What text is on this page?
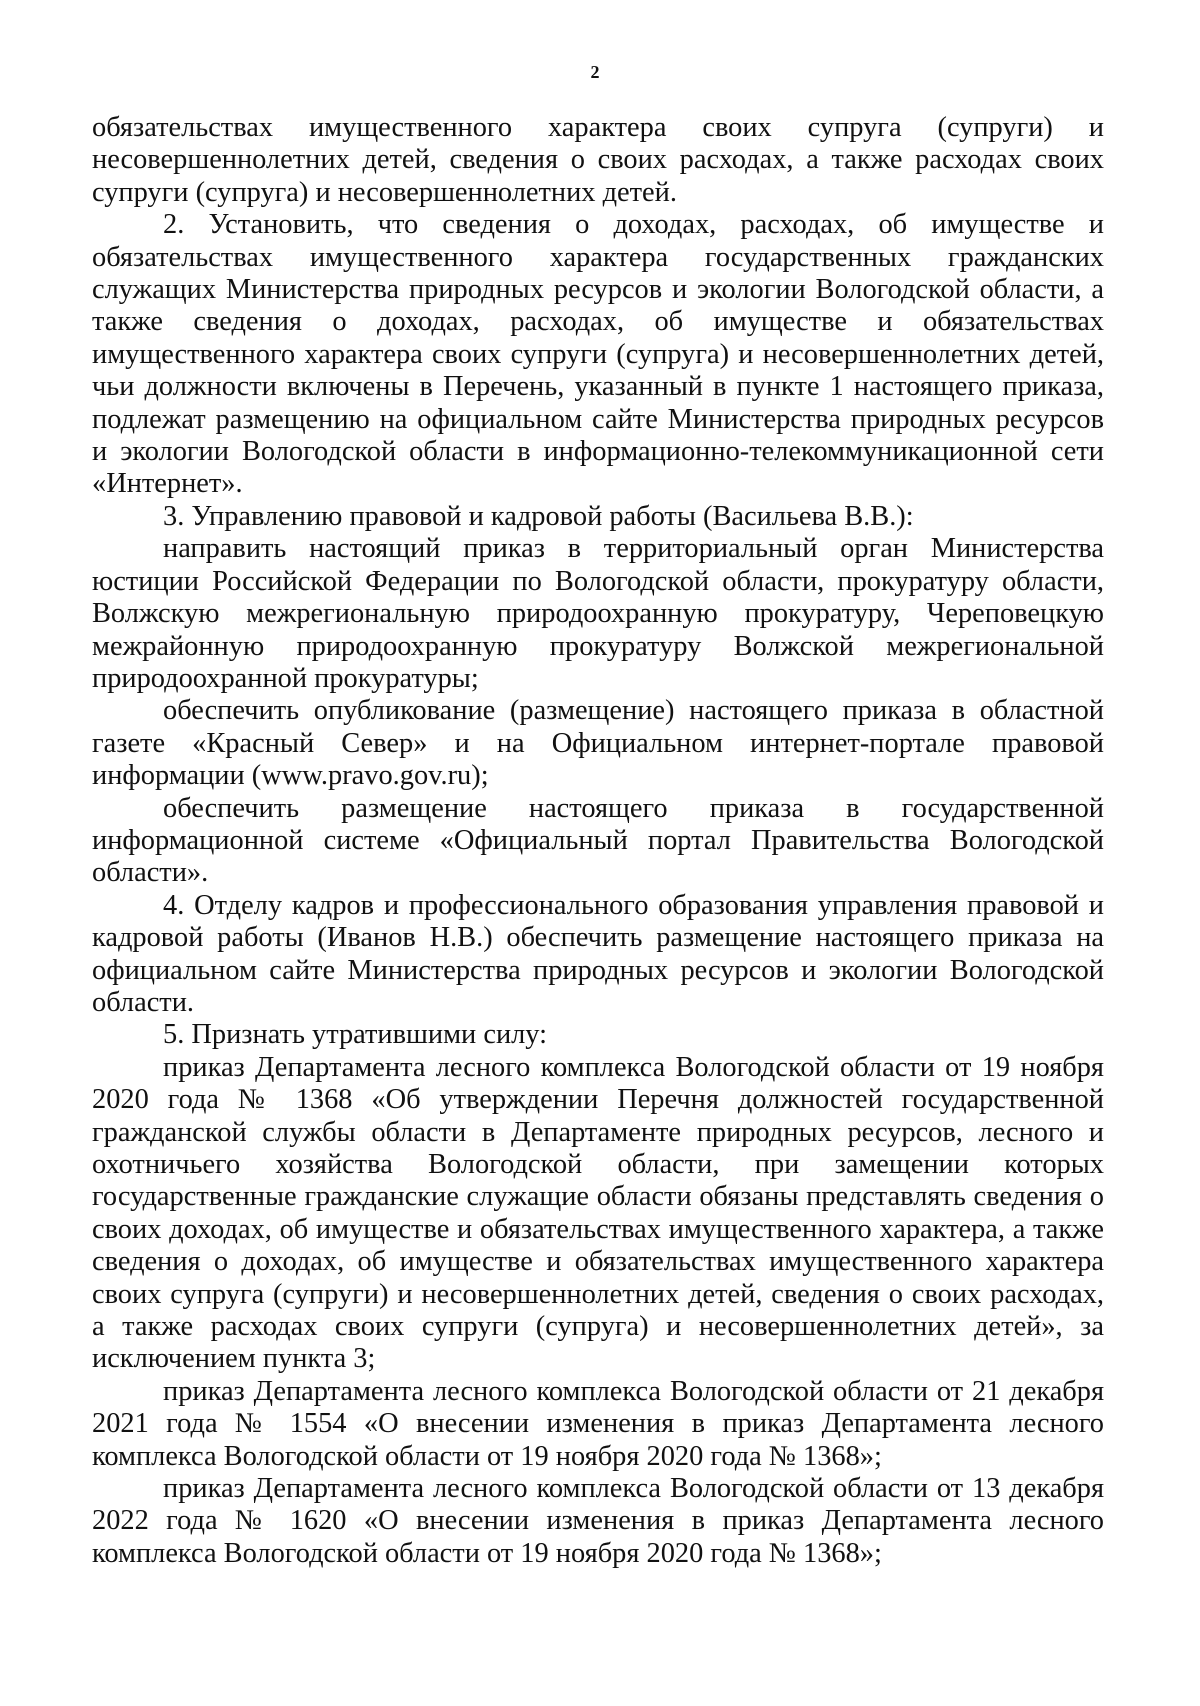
2

обязательствах имущественного характера своих супруга (супруги) и несовершеннолетних детей, сведения о своих расходах, а также расходах своих супруги (супруга) и несовершеннолетних детей.

2. Установить, что сведения о доходах, расходах, об имуществе и обязательствах имущественного характера государственных гражданских служащих Министерства природных ресурсов и экологии Вологодской области, а также сведения о доходах, расходах, об имуществе и обязательствах имущественного характера своих супруги (супруга) и несовершеннолетних детей, чьи должности включены в Перечень, указанный в пункте 1 настоящего приказа, подлежат размещению на официальном сайте Министерства природных ресурсов и экологии Вологодской области в информационно-телекоммуникационной сети «Интернет».

3. Управлению правовой и кадровой работы (Васильева В.В.):

направить настоящий приказ в территориальный орган Министерства юстиции Российской Федерации по Вологодской области, прокуратуру области, Волжскую межрегиональную природоохранную прокуратуру, Череповецкую межрайонную природоохранную прокуратуру Волжской межрегиональной природоохранной прокуратуры;

обеспечить опубликование (размещение) настоящего приказа в областной газете «Красный Север» и на Официальном интернет-портале правовой информации (www.pravo.gov.ru);

обеспечить размещение настоящего приказа в государственной информационной системе «Официальный портал Правительства Вологодской области».

4. Отделу кадров и профессионального образования управления правовой и кадровой работы (Иванов Н.В.) обеспечить размещение настоящего приказа на официальном сайте Министерства природных ресурсов и экологии Вологодской области.

5. Признать утратившими силу:

приказ Департамента лесного комплекса Вологодской области от 19 ноября 2020 года № 1368 «Об утверждении Перечня должностей государственной гражданской службы области в Департаменте природных ресурсов, лесного и охотничьего хозяйства Вологодской области, при замещении которых государственные гражданские служащие области обязаны представлять сведения о своих доходах, об имуществе и обязательствах имущественного характера, а также сведения о доходах, об имуществе и обязательствах имущественного характера своих супруга (супруги) и несовершеннолетних детей, сведения о своих расходах, а также расходах своих супруги (супруга) и несовершеннолетних детей», за исключением пункта 3;

приказ Департамента лесного комплекса Вологодской области от 21 декабря 2021 года № 1554 «О внесении изменения в приказ Департамента лесного комплекса Вологодской области от 19 ноября 2020 года № 1368»;

приказ Департамента лесного комплекса Вологодской области от 13 декабря 2022 года № 1620 «О внесении изменения в приказ Департамента лесного комплекса Вологодской области от 19 ноября 2020 года № 1368»;
